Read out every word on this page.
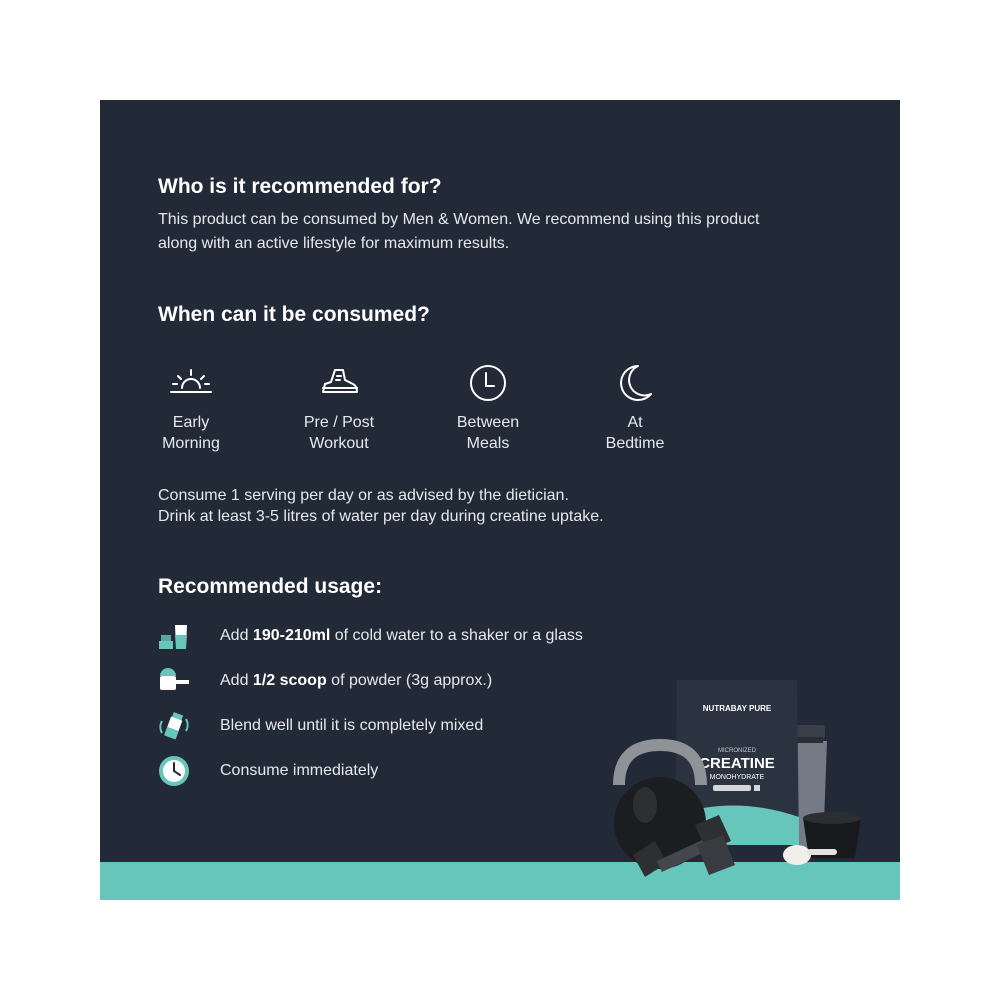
Who is it recommended for?

This product can be consumed by Men & Women. We recommend using this product
along with an active lifestyle for maximum results.

When can it be consumed?
Early
Morning
Pre / Post
Workout
Between
Meals
At
Bedtime

Consume 1 serving per day or as advised by the dietician.
Drink at least 3-5 litres of water per day during creatine uptake.

Recommended usage:
Add 190-210ml of cold water to a shaker or a glass
Add 1/2 scoop of powder (3g approx.)
Blend well until it is completely mixed
Consume immediately
NUTRABAY PURE
MICRONIZED
CREATINE
MONOHYDRATE
